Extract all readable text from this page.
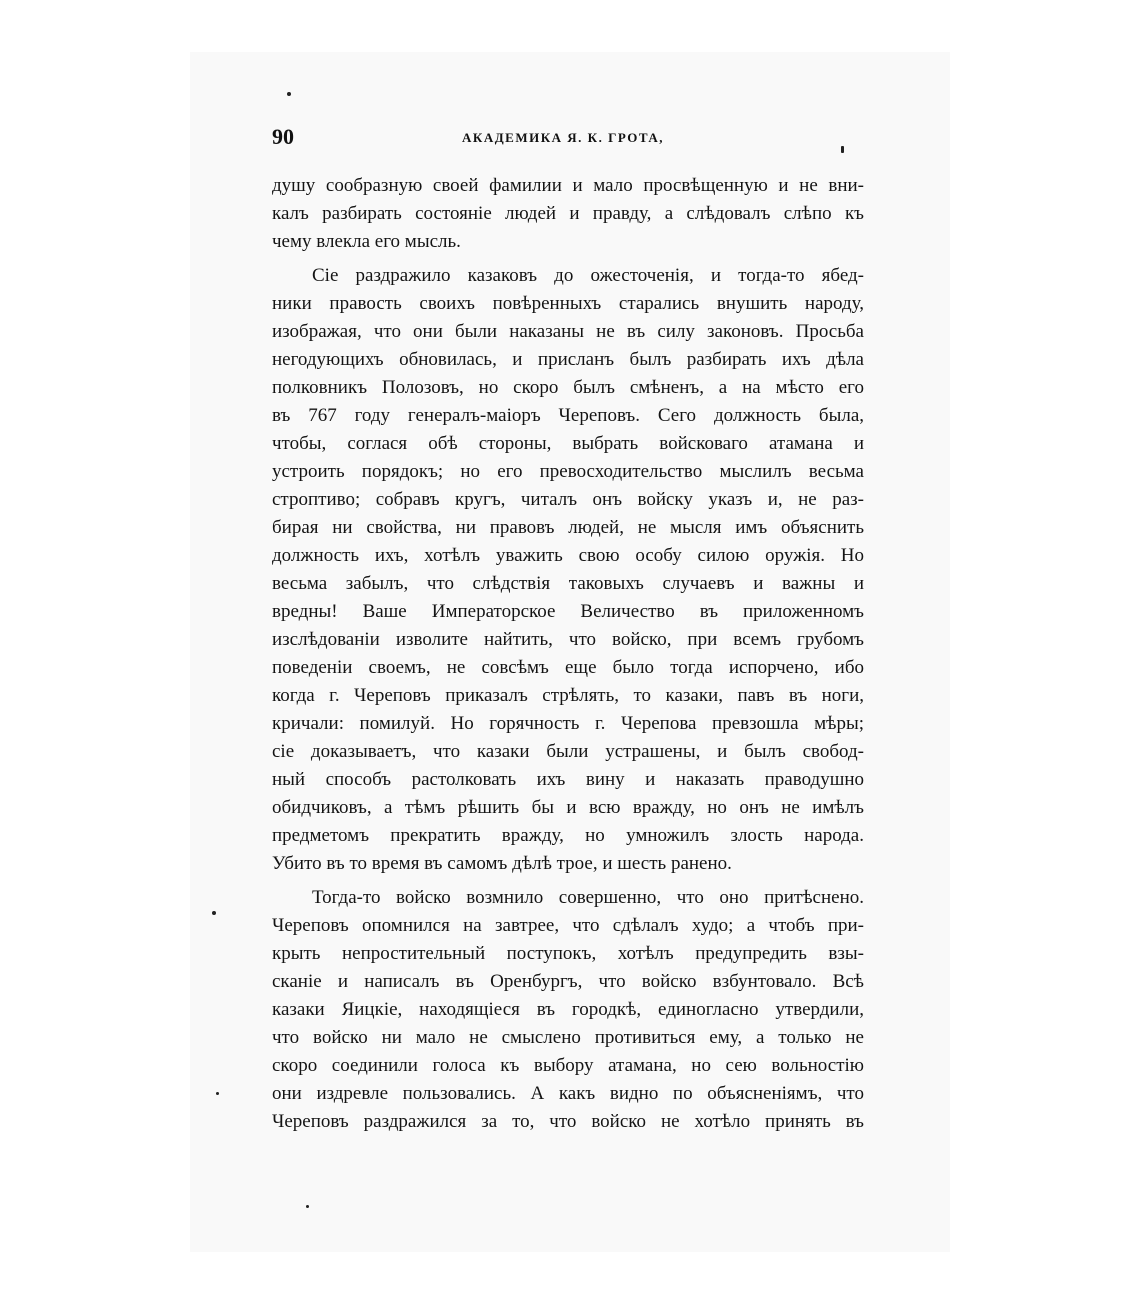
90	АКАДЕМИКА Я. К. ГРОТА,
душу сообразную своей фамилии и мало просвѣщенную и не вни-
калъ разбирать состояніе людей и правду, а слѣдовалъ слѣпо къ
чему влекла его мысль.
Сіе раздражило казаковъ до ожесточенія, и тогда-то ябед-
ники правость своихъ повѣренныхъ старались внушить народу,
изображая, что они были наказаны не въ силу законовъ. Просьба
негодующихъ обновилась, и присланъ былъ разбирать ихъ дѣла
полковникъ Полозовъ, но скоро былъ смѣненъ, а на мѣсто его
въ 767 году генералъ-маіоръ Череповъ. Сего должность была,
чтобы, соглася обѣ стороны, выбрать войсковаго атамана и
устроить порядокъ; но его превосходительство мыслилъ весьма
строптиво; собравъ кругъ, читалъ онъ войску указъ и, не раз-
бирая ни свойства, ни правовъ людей, не мысля имъ объяснить
должность ихъ, хотѣлъ уважить свою особу силою оружія. Но
весьма забылъ, что слѣдствія таковыхъ случаевъ и важны и
вредны! Ваше Императорское Величество въ приложенномъ
изслѣдованіи изволите найтить, что войско, при всемъ грубомъ
поведеніи своемъ, не совсѣмъ еще было тогда испорчено, ибо
когда г. Череповъ приказалъ стрѣлять, то казаки, павъ въ ноги,
кричали: помилуй. Но горячность г. Черепова превзошла мѣры;
сіе доказываетъ, что казаки были устрашены, и былъ свобод-
ный способъ растолковать ихъ вину и наказать праводушно
обидчиковъ, а тѣмъ рѣшить бы и всю вражду, но онъ не имѣлъ
предметомъ прекратить вражду, но умножилъ злость народа.
Убито въ то время въ самомъ дѣлѣ трое, и шесть ранено.
Тогда-то войско возмнило совершенно, что оно притѣснено.
Череповъ опомнился на завтрее, что сдѣлалъ худо; а чтобъ при-
крыть непростительный поступокъ, хотѣлъ предупредить взы-
сканіе и написалъ въ Оренбургъ, что войско взбунтовало. Всѣ
казаки Яицкіе, находящіеся въ городкѣ, единогласно утвердили,
что войско ни мало не смыслено противиться ему, а только не
скоро соединили голоса къ выбору атамана, но сею вольностію
они издревле пользовались. А какъ видно по объясненіямъ, что
Череповъ раздражился за то, что войско не хотѣло принять въ
